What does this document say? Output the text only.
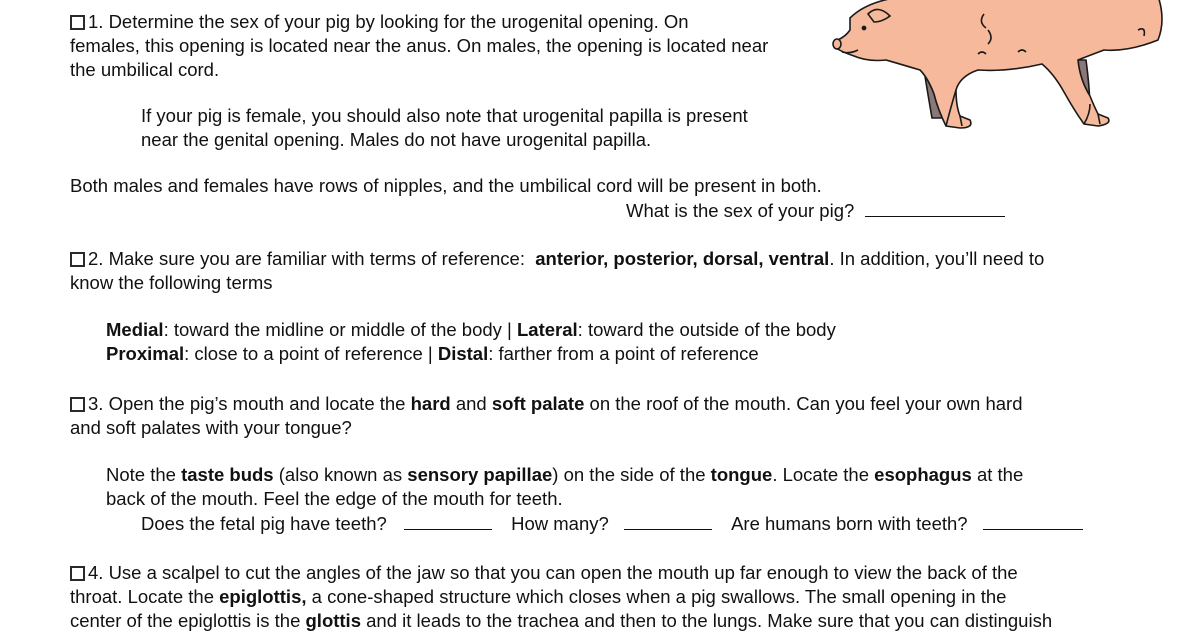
1. Determine the sex of your pig by looking for the urogenital opening. On
females, this opening is located near the anus. On males, the opening is located near
the umbilical cord.
If your pig is female, you should also note that urogenital papilla is present
near the genital opening. Males do not have urogenital papilla.
Both males and females have rows of nipples, and the umbilical cord will be present in both.
What is the sex of your pig?
2. Make sure you are familiar with terms of reference: anterior, posterior, dorsal, ventral. In addition, you’ll need to
know the following terms
Medial: toward the midline or middle of the body | Lateral: toward the outside of the body
Proximal: close to a point of reference | Distal: farther from a point of reference
3. Open the pig’s mouth and locate the hard and soft palate on the roof of the mouth. Can you feel your own hard
and soft palates with your tongue?
Note the taste buds (also known as sensory papillae) on the side of the tongue. Locate the esophagus at the
back of the mouth. Feel the edge of the mouth for teeth.
Does the fetal pig have teeth?	How many?	Are humans born with teeth?
4. Use a scalpel to cut the angles of the jaw so that you can open the mouth up far enough to view the back of the
throat. Locate the epiglottis, a cone-shaped structure which closes when a pig swallows. The small opening in the
center of the epiglottis is the glottis and it leads to the trachea and then to the lungs. Make sure that you can distinguish
